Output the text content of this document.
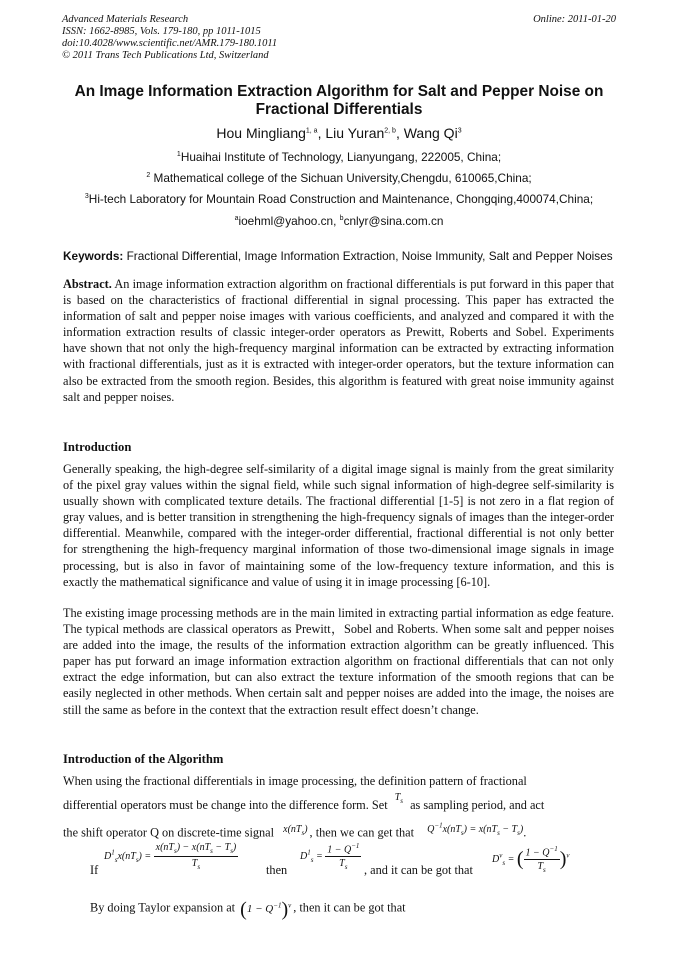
Advanced Materials Research
ISSN: 1662-8985, Vols. 179-180, pp 1011-1015
doi:10.4028/www.scientific.net/AMR.179-180.1011
© 2011 Trans Tech Publications Ltd, Switzerland
Online: 2011-01-20
An Image Information Extraction Algorithm for Salt and Pepper Noise on
Fractional Differentials
Hou Mingliang$^{1, a}$, Liu Yuran$^{2, b}$, Wang Qi$^3$
$^1$Huaihai Institute of Technology, Lianyungang, 222005, China;
$^2$ Mathematical college of the Sichuan University,Chengdu, 610065,China;
$^3$Hi-tech Laboratory for Mountain Road Construction and Maintenance, Chongqing,400074,China;
$^a$ioehml@yahoo.cn, $^b$cnlyr@sina.com.cn
Keywords: Fractional Differential, Image Information Extraction, Noise Immunity, Salt and Pepper Noises
Abstract. An image information extraction algorithm on fractional differentials is put forward in this paper that is based on the characteristics of fractional differential in signal processing. This paper has extracted the information of salt and pepper noise images with various coefficients, and analyzed and compared it with the information extraction results of classic integer-order operators as Prewitt, Roberts and Sobel. Experiments have shown that not only the high-frequency marginal information can be extracted by extracting information with fractional differentials, just as it is extracted with integer-order operators, but the texture information can also be extracted from the smooth region. Besides, this algorithm is featured with great noise immunity against salt and pepper noises.
Introduction
Generally speaking, the high-degree self-similarity of a digital image signal is mainly from the great similarity of the pixel gray values within the signal field, while such signal information of high-degree self-similarity is usually shown with complicated texture details. The fractional differential [1-5] is not zero in a flat region of gray values, and is better transition in strengthening the high-frequency signals of images than the integer-order differential. Meanwhile, compared with the integer-order differential, fractional differential is not only better for strengthening the high-frequency marginal information of those two-dimensional image signals in image processing, but is also in favor of maintaining some of the low-frequency texture information, and this is exactly the mathematical significance and value of using it in image processing [6-10].
The existing image processing methods are in the main limited in extracting partial information as edge feature. The typical methods are classical operators as Prewitt，Sobel and Roberts. When some salt and pepper noises are added into the image, the results of the information extraction algorithm can be greatly influenced. This paper has put forward an image information extraction algorithm on fractional differentials that can not only extract the edge information, but can also extract the texture information of the smooth regions that can be easily neglected in other methods. When certain salt and pepper noises are added into the image, the noises are still the same as before in the context that the extraction result effect doesn’t change.
Introduction of the Algorithm
When using the fractional differentials in image processing, the definition pattern of fractional
differential operators must be change into the difference form. Set $^{T_s}$ as sampling period, and act
the shift operator Q on discrete-time signal $^{x(nT_s)}$ , then we can get that $^{Q^{-1}x(nT_s) = x(nT_s - T_s)}$.
If
$D^1_sx(nT_s) = \frac{x(nT_s) - x(nT_s - T_s)}{T_s}$ then
$D^1_s = \frac{1 - Q^{-1}}{T_s}$ , and it can be got that
$D^\nu_s$ = ( $\frac{1 - Q^{-1}}{T_s} )^\nu$
By doing Taylor expansion at $(1 - Q^{-1})^\nu$ , then it can be got that
